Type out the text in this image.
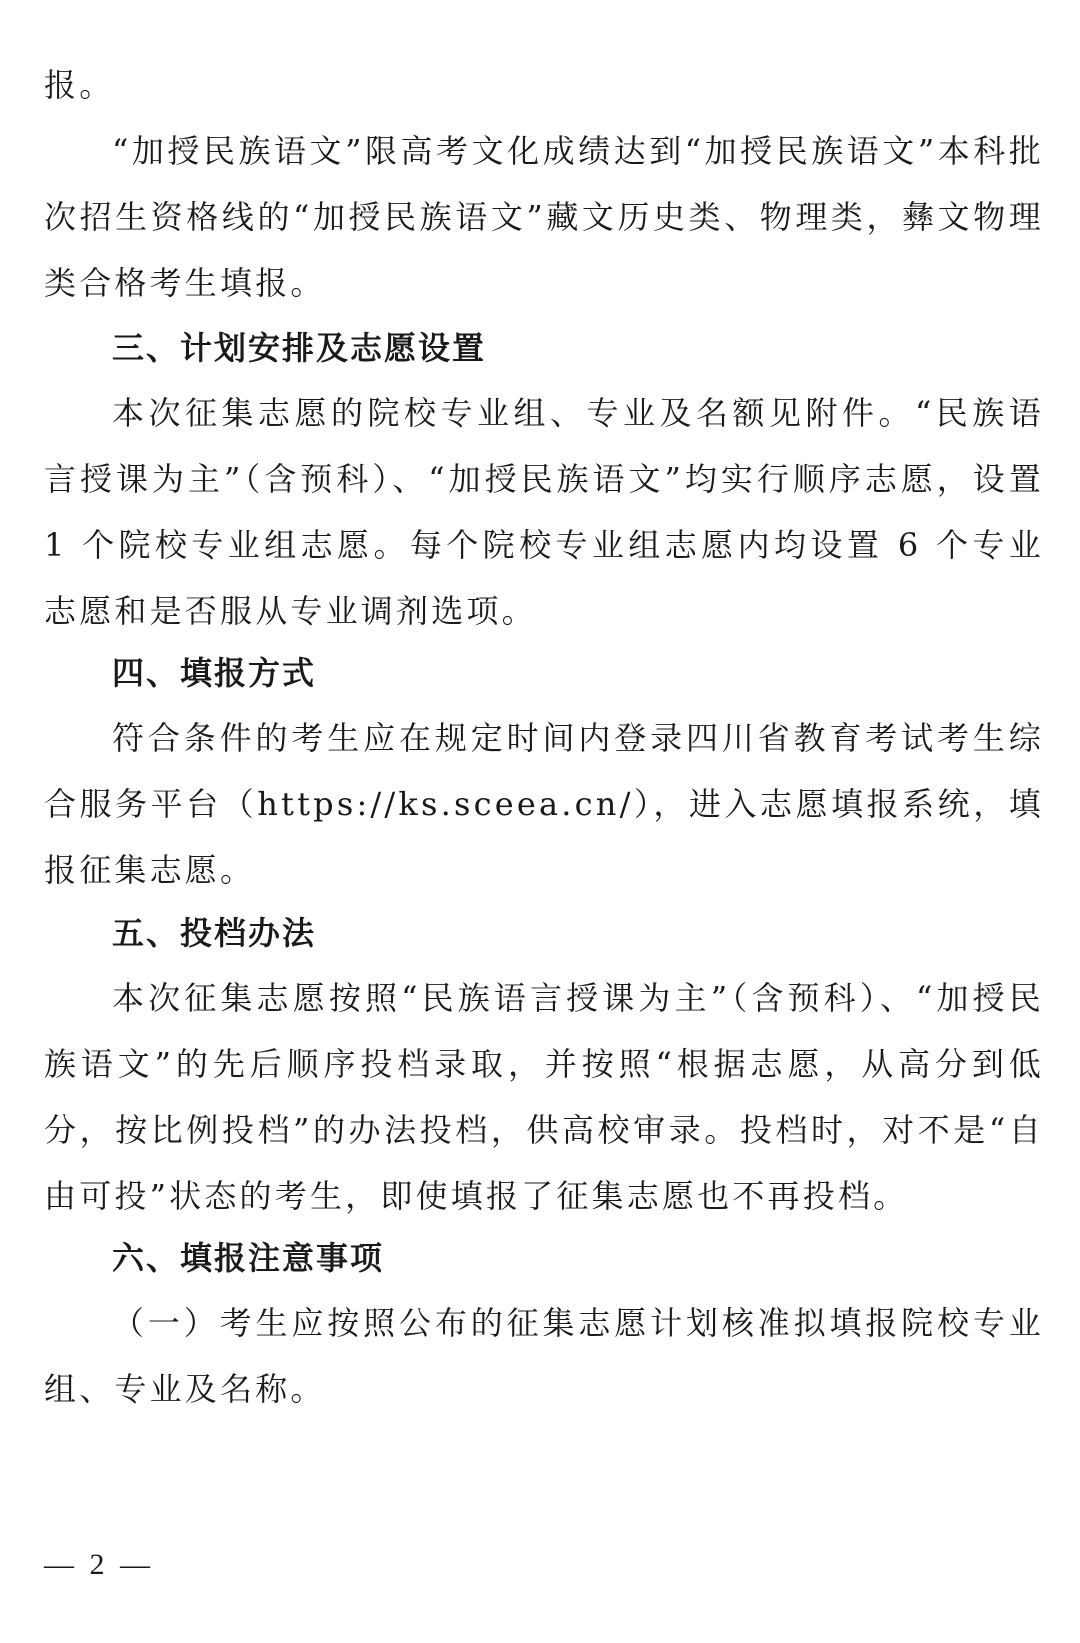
报。

“加授民族语文”限高考文化成绩达到“加授民族语文”本科批次招生资格线的“加授民族语文”藏文历史类、物理类，彝文物理类合格考生填报。

三、计划安排及志愿设置

本次征集志愿的院校专业组、专业及名额见附件。“民族语言授课为主”（含预科）、“加授民族语文”均实行顺序志愿，设置 1 个院校专业组志愿。每个院校专业组志愿内均设置 6 个专业志愿和是否服从专业调剂选项。

四、填报方式

符合条件的考生应在规定时间内登录四川省教育考试考生综合服务平台（https://ks.sceea.cn/），进入志愿填报系统，填报征集志愿。

五、投档办法

本次征集志愿按照“民族语言授课为主”（含预科）、“加授民族语文”的先后顺序投档录取，并按照“根据志愿，从高分到低分，按比例投档”的办法投档，供高校审录。投档时，对不是“自由可投”状态的考生，即使填报了征集志愿也不再投档。

六、填报注意事项

（一）考生应按照公布的征集志愿计划核准拟填报院校专业组、专业及名称。

— 2 —
